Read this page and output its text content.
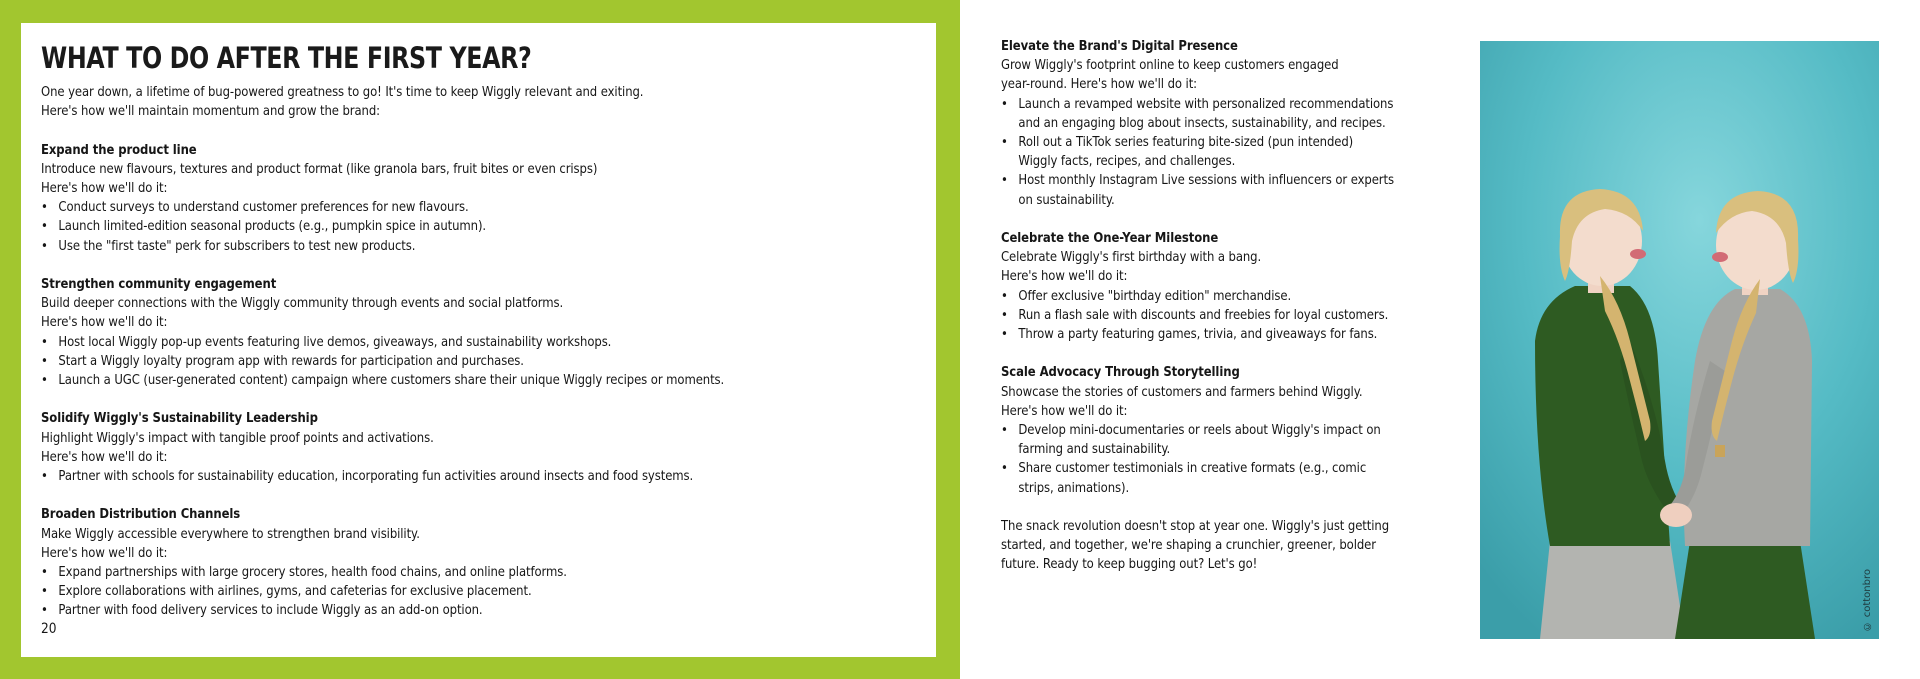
WHAT TO DO AFTER THE FIRST YEAR?
One year down, a lifetime of bug-powered greatness to go! It's time to keep Wiggly relevant and exiting.
Here's how we'll maintain momentum and grow the brand:
Expand the product line
Introduce new flavours, textures and product format (like granola bars, fruit bites or even crisps)
Here's how we'll do it:
• Conduct surveys to understand customer preferences for new flavours.
• Launch limited-edition seasonal products (e.g., pumpkin spice in autumn).
• Use the "first taste" perk for subscribers to test new products.
Strengthen community engagement
Build deeper connections with the Wiggly community through events and social platforms.
Here's how we'll do it:
• Host local Wiggly pop-up events featuring live demos, giveaways, and sustainability workshops.
• Start a Wiggly loyalty program app with rewards for participation and purchases.
• Launch a UGC (user-generated content) campaign where customers share their unique Wiggly recipes or moments.
Solidify Wiggly's Sustainability Leadership
Highlight Wiggly's impact with tangible proof points and activations.
Here's how we'll do it:
• Partner with schools for sustainability education, incorporating fun activities around insects and food systems.
Broaden Distribution Channels
Make Wiggly accessible everywhere to strengthen brand visibility.
Here's how we'll do it:
• Expand partnerships with large grocery stores, health food chains, and online platforms.
• Explore collaborations with airlines, gyms, and cafeterias for exclusive placement.
• Partner with food delivery services to include Wiggly as an add-on option.
20
Elevate the Brand's Digital Presence
Grow Wiggly's footprint online to keep customers engaged
year-round. Here's how we'll do it:
• Launch a revamped website with personalized recommendations
and an engaging blog about insects, sustainability, and recipes.
• Roll out a TikTok series featuring bite-sized (pun intended)
Wiggly facts, recipes, and challenges.
• Host monthly Instagram Live sessions with influencers or experts
on sustainability.
Celebrate the One-Year Milestone
Celebrate Wiggly's first birthday with a bang.
Here's how we'll do it:
• Offer exclusive "birthday edition" merchandise.
• Run a flash sale with discounts and freebies for loyal customers.
• Throw a party featuring games, trivia, and giveaways for fans.
Scale Advocacy Through Storytelling
Showcase the stories of customers and farmers behind Wiggly.
Here's how we'll do it:
• Develop mini-documentaries or reels about Wiggly's impact on
farming and sustainability.
• Share customer testimonials in creative formats (e.g., comic
strips, animations).
The snack revolution doesn't stop at year one. Wiggly's just getting
started, and together, we're shaping a crunchier, greener, bolder
future. Ready to keep bugging out? Let's go!
© cottonbro
